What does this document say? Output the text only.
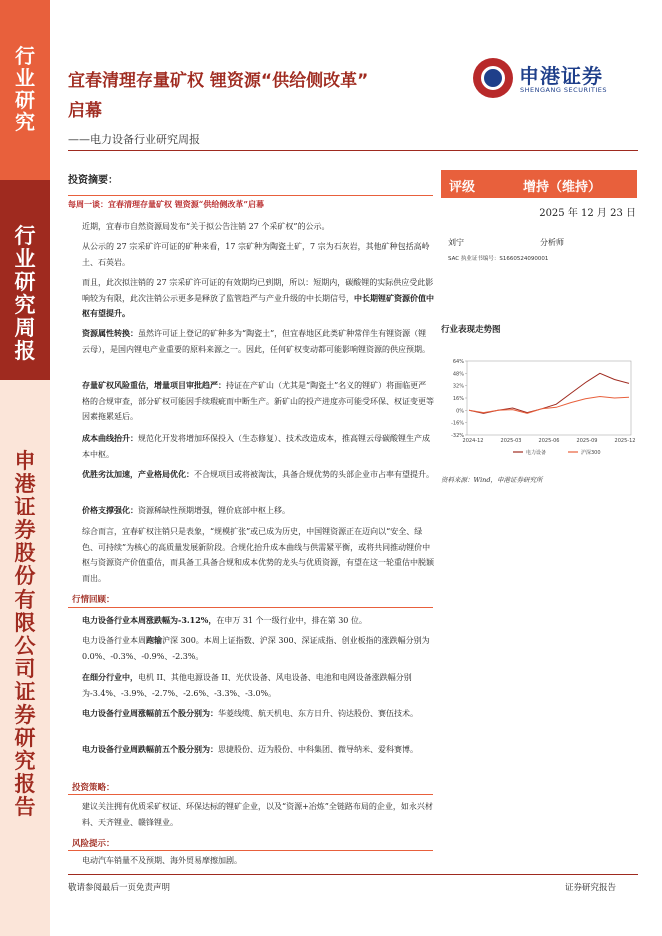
行
业
研
究
行
业
研
究
周
报
申
港
证
券
股
份
有
限
公
司
证
券
研
究
报
告
宜春清理存量矿权 锂资源“供给侧改革”
启幕
——电力设备行业研究周报
申港证券
SHENGANG SECURITIES
评级	增持（维持）
2025 年 12 月 23 日
刘宁	分析师
SAC 执业证书编号：S1660524090001
行业表现走势图
64%
48%
32%
16%
0%
-16%
-32%
2024-12	2025-03	2025-06	2025-09	2025-12
电力设备	沪深300
资料来源：Wind，申港证券研究所
投资摘要：
每周一谈：宜春清理存量矿权 锂资源“供给侧改革”启幕
近期，宜春市自然资源局发布“关于拟公告注销 27 个采矿权”的公示。
从公示的 27 宗采矿许可证的矿种来看，17 宗矿种为陶瓷土矿，7 宗为石灰岩，其他矿种包括高岭土、石英岩。
而且，此次拟注销的 27 宗采矿许可证的有效期均已到期，所以：短期内，碳酸锂的实际供应受此影响较为有限，此次注销公示更多是释放了监管趋严与产业升级的中长期信号，中长期锂矿资源价值中枢有望提升。
资源属性转换：虽然许可证上登记的矿种多为“陶瓷土”，但宜春地区此类矿种常伴生有锂资源（锂云母），是国内锂电产业重要的原料来源之一。因此，任何矿权变动都可能影响锂资源的供应预期。
存量矿权风险重估，增量项目审批趋严：持证在产矿山（尤其是“陶瓷土”名义的锂矿）将面临更严格的合规审查，部分矿权可能因手续瑕疵而中断生产。新矿山的投产进度亦可能受环保、权证变更等因素拖累延后。
成本曲线抬升：规范化开发将增加环保投入（生态修复）、技术改造成本，推高锂云母碳酸锂生产成本中枢。
优胜劣汰加速，产业格局优化：不合规项目或将被淘汰，具备合规优势的头部企业市占率有望提升。
价格支撑强化：资源稀缺性预期增强，锂价底部中枢上移。
综合而言，宜春矿权注销只是表象，“规模扩张”或已成为历史，中国锂资源正在迈向以“安全、绿色、可持续”为核心的高质量发展新阶段。合规化抬升成本曲线与供需紧平衡，或将共同推动锂价中枢与资源资产价值重估，而具备工具备合规和成本优势的龙头与优质资源，有望在这一轮重估中脱颖而出。
行情回顾：
电力设备行业本周涨跌幅为-3.12%，在申万 31 个一级行业中，排在第 30 位。
电力设备行业本周跑输沪深 300。本周上证指数、沪深 300、深证成指、创业板指的涨跌幅分别为 0.0%、-0.3%、-0.9%、-2.3%。
在细分行业中，电机 II、其他电源设备 II、光伏设备、风电设备、电池和电网设备涨跌幅分别为-3.4%、-3.9%、-2.7%、-2.6%、-3.3%、-3.0%。
电力设备行业周涨幅前五个股分别为：华菱线缆、航天机电、东方日升、钧达股份、赛伍技术。
电力设备行业周跌幅前五个股分别为：思捷股份、迈为股份、中科集团、微导纳米、爱科赛博。
投资策略：
建议关注拥有优质采矿权证、环保达标的锂矿企业，以及“资源+冶炼”全链路布局的企业，如永兴材料、天齐锂业、赣锋锂业。
风险提示：
电动汽车销量不及预期、海外贸易摩擦加剧。
敬请参阅最后一页免责声明	证券研究报告
